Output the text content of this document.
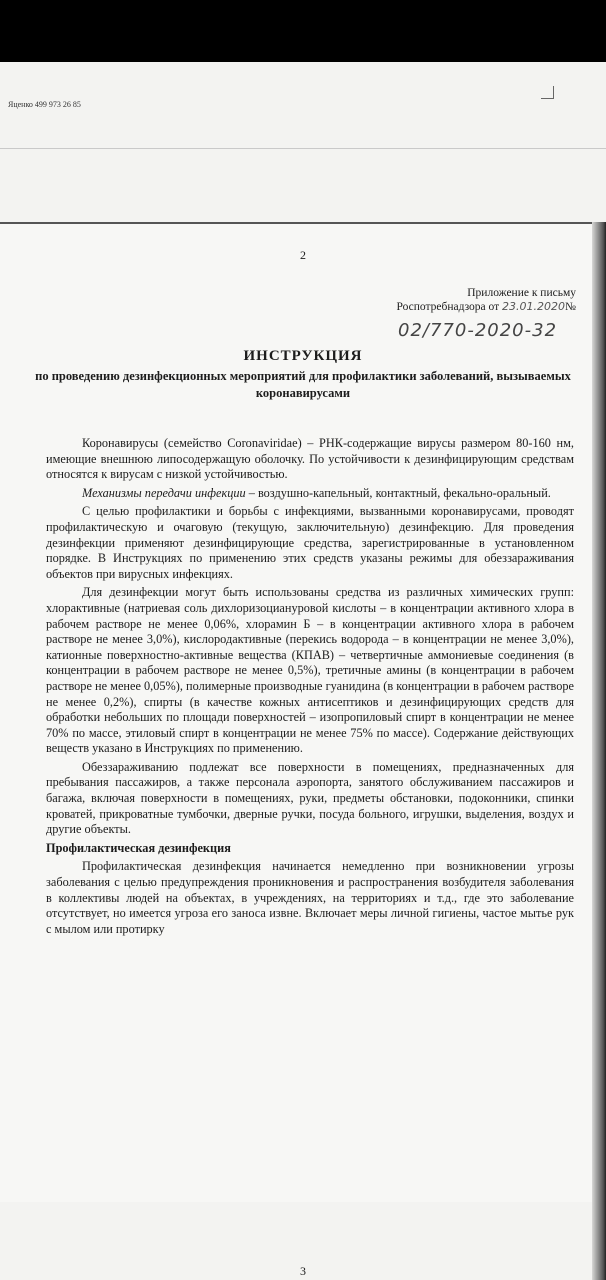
Яценко 499 973 26 85
2
Приложение к письму
Роспотребнадзора от 23.01.2020№
02/770-2020-32
ИНСТРУКЦИЯ
по проведению дезинфекционных мероприятий для профилактики заболеваний, вызываемых коронавирусами

Коронавирусы (семейство Coronaviridae) – РНК-содержащие вирусы размером 80-160 нм, имеющие внешнюю липосодержащую оболочку. По устойчивости к дезинфицирующим средствам относятся к вирусам с низкой устойчивостью.

Механизмы передачи инфекции – воздушно-капельный, контактный, фекально-оральный.

С целью профилактики и борьбы с инфекциями, вызванными коронавирусами, проводят профилактическую и очаговую (текущую, заключительную) дезинфекцию. Для проведения дезинфекции применяют дезинфицирующие средства, зарегистрированные в установленном порядке. В Инструкциях по применению этих средств указаны режимы для обеззараживания объектов при вирусных инфекциях.

Для дезинфекции могут быть использованы средства из различных химических групп: хлорактивные (натриевая соль дихлоризоциануровой кислоты – в концентрации активного хлора в рабочем растворе не менее 0,06%, хлорамин Б – в концентрации активного хлора в рабочем растворе не менее 3,0%), кислородактивные (перекись водорода – в концентрации не менее 3,0%), катионные поверхностно-активные вещества (КПАВ) – четвертичные аммониевые соединения (в концентрации в рабочем растворе не менее 0,5%), третичные амины (в концентрации в рабочем растворе не менее 0,05%), полимерные производные гуанидина (в концентрации в рабочем растворе не менее 0,2%), спирты (в качестве кожных антисептиков и дезинфицирующих средств для обработки небольших по площади поверхностей – изопропиловый спирт в концентрации не менее 70% по массе, этиловый спирт в концентрации не менее 75% по массе). Содержание действующих веществ указано в Инструкциях по применению.

Обеззараживанию подлежат все поверхности в помещениях, предназначенных для пребывания пассажиров, а также персонала аэропорта, занятого обслуживанием пассажиров и багажа, включая поверхности в помещениях, руки, предметы обстановки, подоконники, спинки кроватей, прикроватные тумбочки, дверные ручки, посуда больного, игрушки, выделения, воздух и другие объекты.

Профилактическая дезинфекция

Профилактическая дезинфекция начинается немедленно при возникновении угрозы заболевания с целью предупреждения проникновения и распространения возбудителя заболевания в коллективы людей на объектах, в учреждениях, на территориях и т.д., где это заболевание отсутствует, но имеется угроза его заноса извне. Включает меры личной гигиены, частое мытье рук с мылом или протирку

3
